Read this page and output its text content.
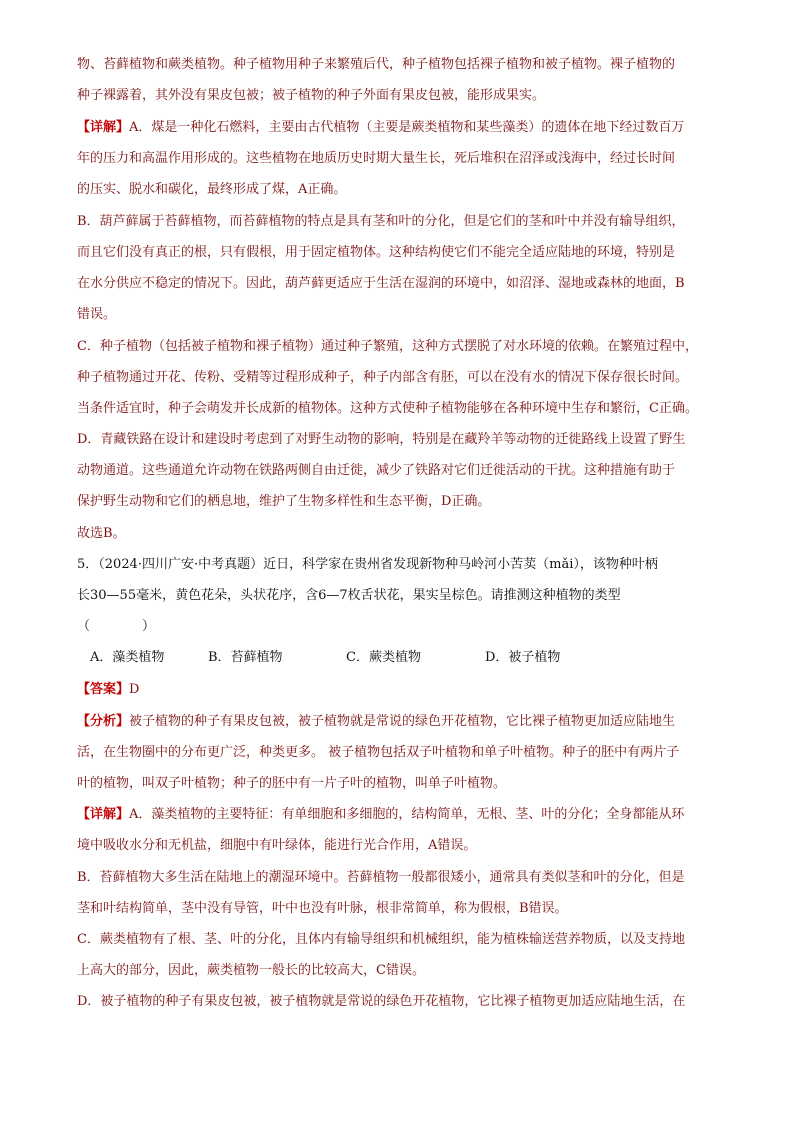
物、苔藓植物和蕨类植物。种子植物用种子来繁殖后代，种子植物包括裸子植物和被子植物。裸子植物的
种子裸露着，其外没有果皮包被；被子植物的种子外面有果皮包被，能形成果实。
【详解】A．煤是一种化石燃料，主要由古代植物（主要是蕨类植物和某些藻类）的遗体在地下经过数百万
年的压力和高温作用形成的。这些植物在地质历史时期大量生长，死后堆积在沼泽或浅海中，经过长时间
的压实、脱水和碳化，最终形成了煤，A正确。
B．葫芦藓属于苔藓植物，而苔藓植物的特点是具有茎和叶的分化，但是它们的茎和叶中并没有输导组织，
而且它们没有真正的根，只有假根，用于固定植物体。这种结构使它们不能完全适应陆地的环境，特别是
在水分供应不稳定的情况下。因此，葫芦藓更适应于生活在湿润的环境中，如沼泽、湿地或森林的地面，B
错误。
C．种子植物（包括被子植物和裸子植物）通过种子繁殖，这种方式摆脱了对水环境的依赖。在繁殖过程中，
种子植物通过开花、传粉、受精等过程形成种子，种子内部含有胚，可以在没有水的情况下保存很长时间。
当条件适宜时，种子会萌发并长成新的植物体。这种方式使种子植物能够在各种环境中生存和繁衍，C正确。
D．青藏铁路在设计和建设时考虑到了对野生动物的影响，特别是在藏羚羊等动物的迁徙路线上设置了野生
动物通道。这些通道允许动物在铁路两侧自由迁徙，减少了铁路对它们迁徙活动的干扰。这种措施有助于
保护野生动物和它们的栖息地，维护了生物多样性和生态平衡，D正确。
故选B。
5．（2024·四川广安·中考真题）近日，科学家在贵州省发现新物种马岭河小苦荬（mǎi），该物种叶柄
长30—55毫米，黄色花朵，头状花序，含6—7枚舌状花，果实呈棕色。请推测这种植物的类型
（　　　　）
A．藻类植物	B．苔藓植物	C．蕨类植物	D．被子植物
【答案】D
【分析】被子植物的种子有果皮包被，被子植物就是常说的绿色开花植物，它比裸子植物更加适应陆地生
活，在生物圈中的分布更广泛，种类更多。 被子植物包括双子叶植物和单子叶植物。种子的胚中有两片子
叶的植物，叫双子叶植物；种子的胚中有一片子叶的植物，叫单子叶植物。
【详解】A．藻类植物的主要特征：有单细胞和多细胞的，结构简单，无根、茎、叶的分化；全身都能从环
境中吸收水分和无机盐，细胞中有叶绿体，能进行光合作用，A错误。
B．苔藓植物大多生活在陆地上的潮湿环境中。苔藓植物一般都很矮小，通常具有类似茎和叶的分化，但是
茎和叶结构简单，茎中没有导管，叶中也没有叶脉，根非常简单，称为假根，B错误。
C．蕨类植物有了根、茎、叶的分化，且体内有输导组织和机械组织，能为植株输送营养物质，以及支持地
上高大的部分，因此，蕨类植物一般长的比较高大，C错误。
D．被子植物的种子有果皮包被，被子植物就是常说的绿色开花植物，它比裸子植物更加适应陆地生活，在
